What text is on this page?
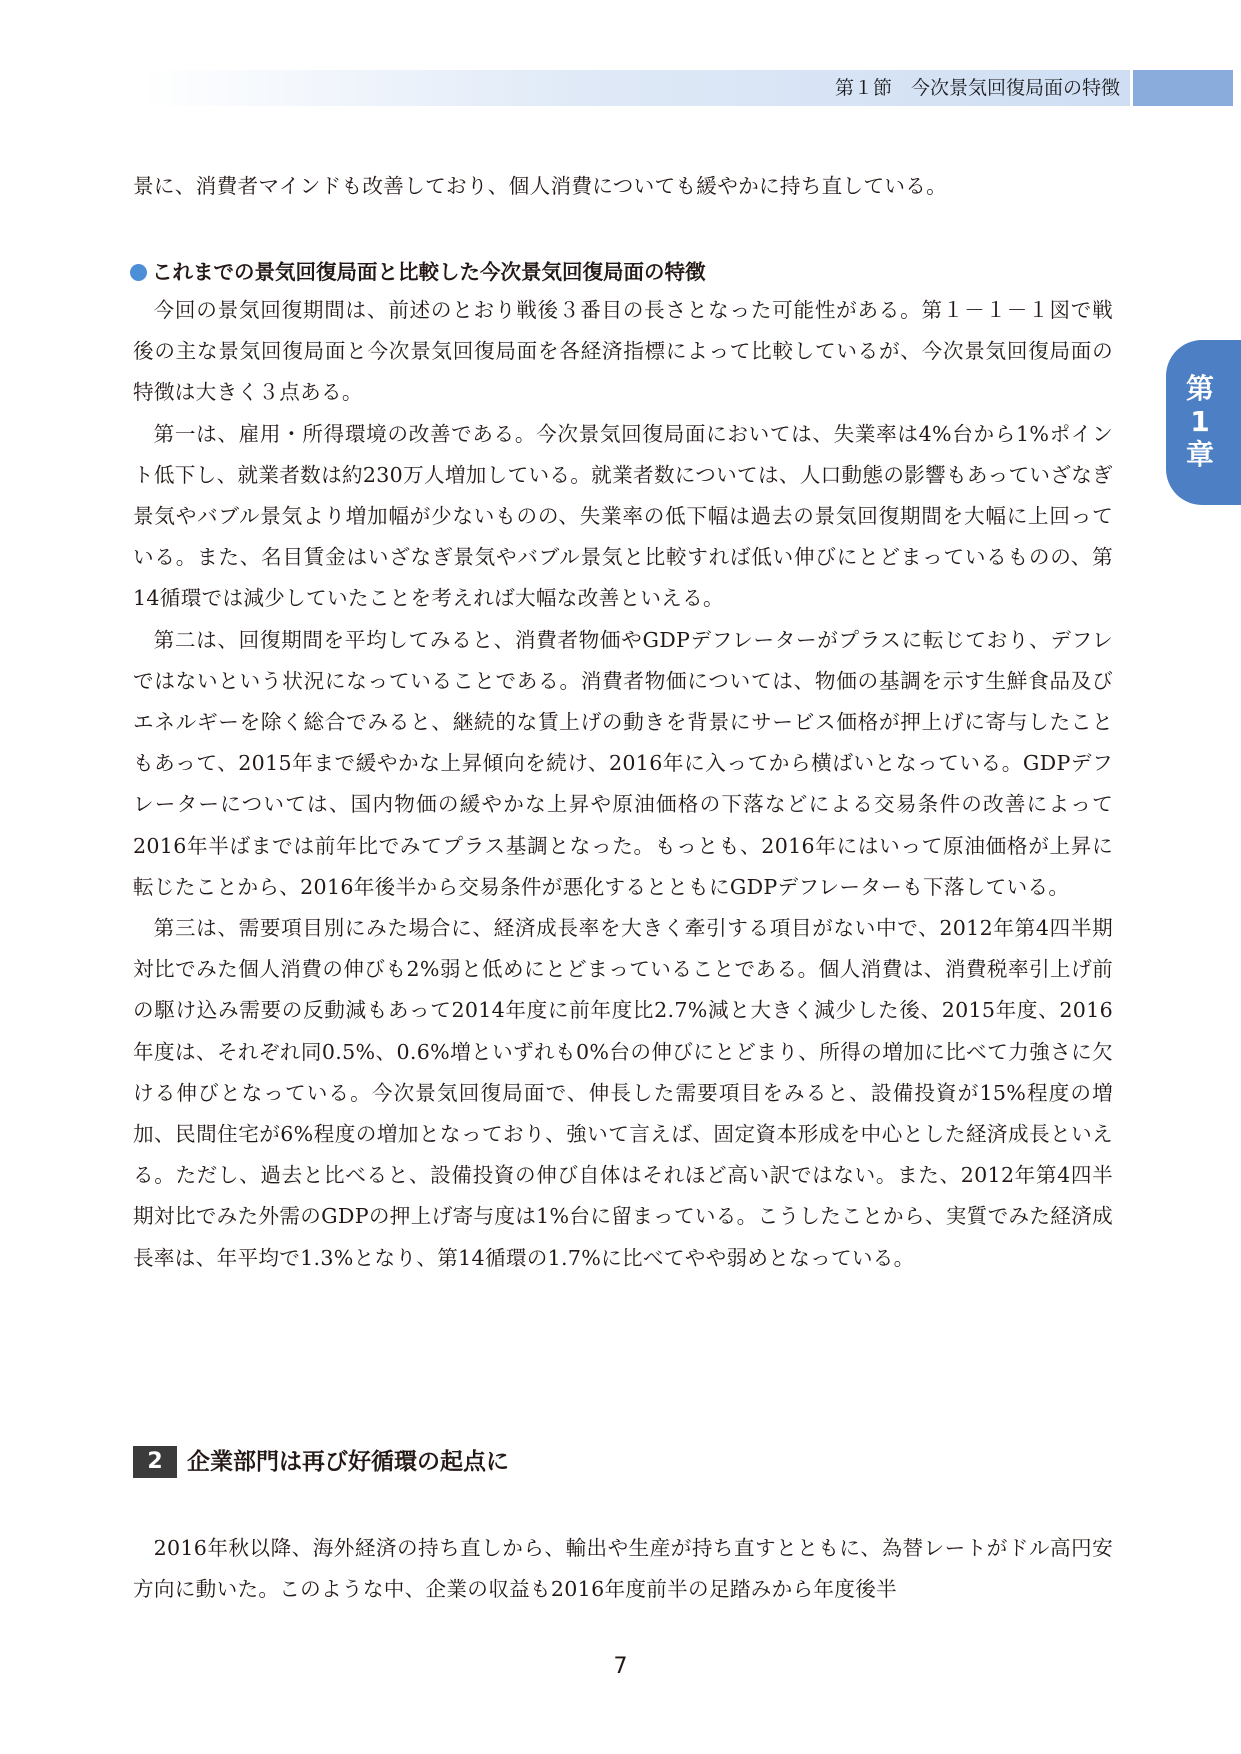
第１節　今次景気回復局面の特徴
第
1
章

景に、消費者マインドも改善しており、個人消費についても緩やかに持ち直している。

これまでの景気回復局面と比較した今次景気回復局面の特徴

今回の景気回復期間は、前述のとおり戦後３番目の長さとなった可能性がある。第１－１－１図で戦後の主な景気回復局面と今次景気回復局面を各経済指標によって比較しているが、今次景気回復局面の特徴は大きく３点ある。

第一は、雇用・所得環境の改善である。今次景気回復局面においては、失業率は4%台から1%ポイント低下し、就業者数は約230万人増加している。就業者数については、人口動態の影響もあっていざなぎ景気やバブル景気より増加幅が少ないものの、失業率の低下幅は過去の景気回復期間を大幅に上回っている。また、名目賃金はいざなぎ景気やバブル景気と比較すれば低い伸びにとどまっているものの、第14循環では減少していたことを考えれば大幅な改善といえる。

第二は、回復期間を平均してみると、消費者物価やGDPデフレーターがプラスに転じており、デフレではないという状況になっていることである。消費者物価については、物価の基調を示す生鮮食品及びエネルギーを除く総合でみると、継続的な賃上げの動きを背景にサービス価格が押上げに寄与したこともあって、2015年まで緩やかな上昇傾向を続け、2016年に入ってから横ばいとなっている。GDPデフレーターについては、国内物価の緩やかな上昇や原油価格の下落などによる交易条件の改善によって2016年半ばまでは前年比でみてプラス基調となった。もっとも、2016年にはいって原油価格が上昇に転じたことから、2016年後半から交易条件が悪化するとともにGDPデフレーターも下落している。

第三は、需要項目別にみた場合に、経済成長率を大きく牽引する項目がない中で、2012年第4四半期対比でみた個人消費の伸びも2%弱と低めにとどまっていることである。個人消費は、消費税率引上げ前の駆け込み需要の反動減もあって2014年度に前年度比2.7%減と大きく減少した後、2015年度、2016年度は、それぞれ同0.5%、0.6%増といずれも0%台の伸びにとどまり、所得の増加に比べて力強さに欠ける伸びとなっている。今次景気回復局面で、伸長した需要項目をみると、設備投資が15%程度の増加、民間住宅が6%程度の増加となっており、強いて言えば、固定資本形成を中心とした経済成長といえる。ただし、過去と比べると、設備投資の伸び自体はそれほど高い訳ではない。また、2012年第4四半期対比でみた外需のGDPの押上げ寄与度は1%台に留まっている。こうしたことから、実質でみた経済成長率は、年平均で1.3%となり、第14循環の1.7%に比べてやや弱めとなっている。

2 企業部門は再び好循環の起点に

2016年秋以降、海外経済の持ち直しから、輸出や生産が持ち直すとともに、為替レートがドル高円安方向に動いた。このような中、企業の収益も2016年度前半の足踏みから年度後半

7
